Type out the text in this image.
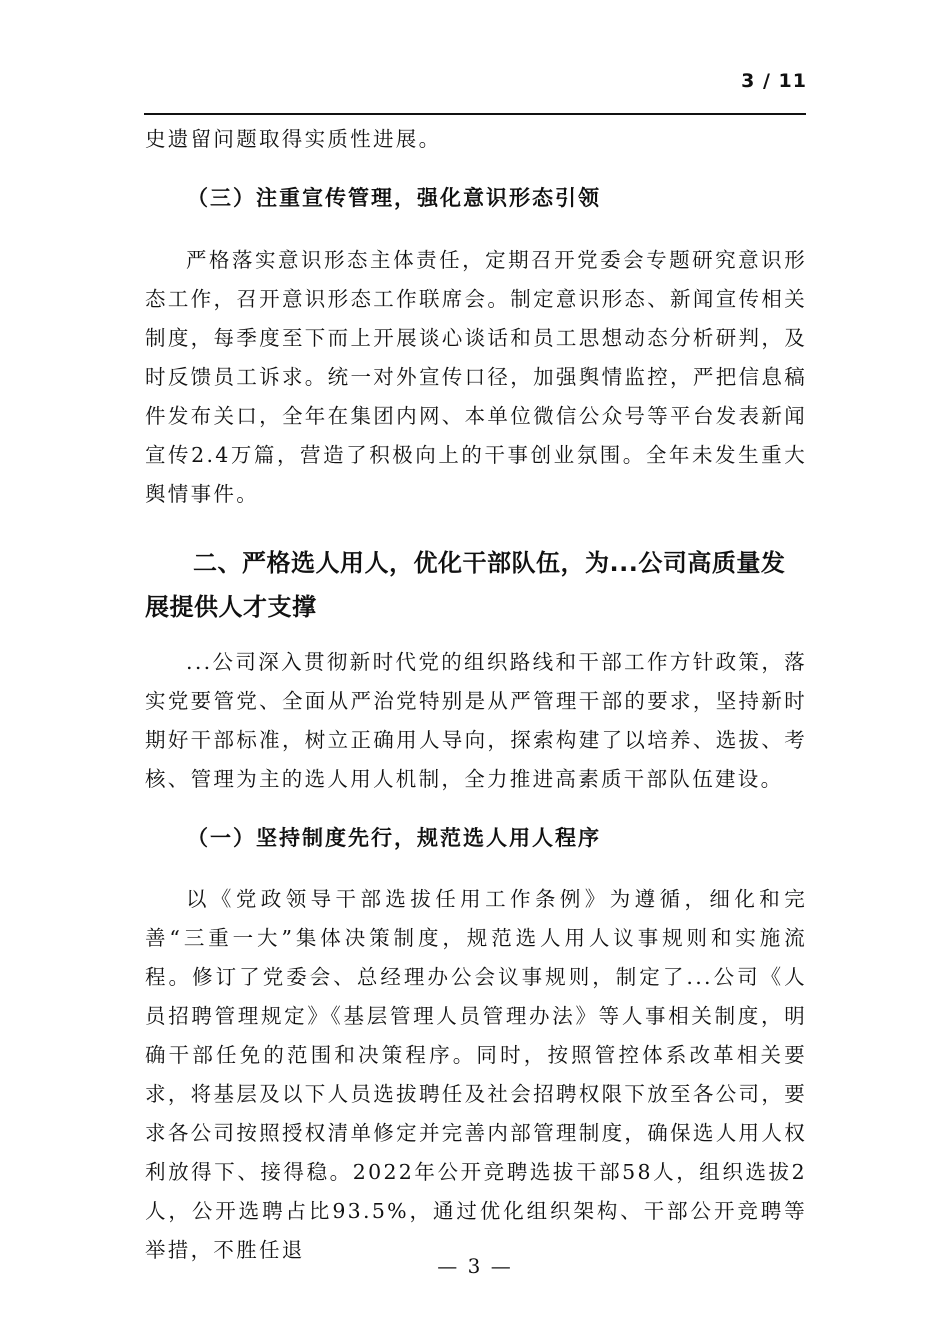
3 / 11

史遗留问题取得实质性进展。

（三）注重宣传管理，强化意识形态引领

严格落实意识形态主体责任，定期召开党委会专题研究意识形态工作，召开意识形态工作联席会。制定意识形态、新闻宣传相关制度，每季度至下而上开展谈心谈话和员工思想动态分析研判，及时反馈员工诉求。统一对外宣传口径，加强舆情监控，严把信息稿件发布关口，全年在集团内网、本单位微信公众号等平台发表新闻宣传2.4万篇，营造了积极向上的干事创业氛围。全年未发生重大舆情事件。

二、严格选人用人，优化干部队伍，为...公司高质量发展提供人才支撑

...公司深入贯彻新时代党的组织路线和干部工作方针政策，落实党要管党、全面从严治党特别是从严管理干部的要求，坚持新时期好干部标准，树立正确用人导向，探索构建了以培养、选拔、考核、管理为主的选人用人机制，全力推进高素质干部队伍建设。

（一）坚持制度先行，规范选人用人程序

以《党政领导干部选拔任用工作条例》为遵循，细化和完善“三重一大”集体决策制度，规范选人用人议事规则和实施流程。修订了党委会、总经理办公会议事规则，制定了...公司《人员招聘管理规定》《基层管理人员管理办法》等人事相关制度，明确干部任免的范围和决策程序。同时，按照管控体系改革相关要求，将基层及以下人员选拔聘任及社会招聘权限下放至各公司，要求各公司按照授权清单修定并完善内部管理制度，确保选人用人权利放得下、接得稳。2022年公开竞聘选拔干部58人，组织选拔2人，公开选聘占比93.5%，通过优化组织架构、干部公开竞聘等举措，不胜任退

— 3 —
